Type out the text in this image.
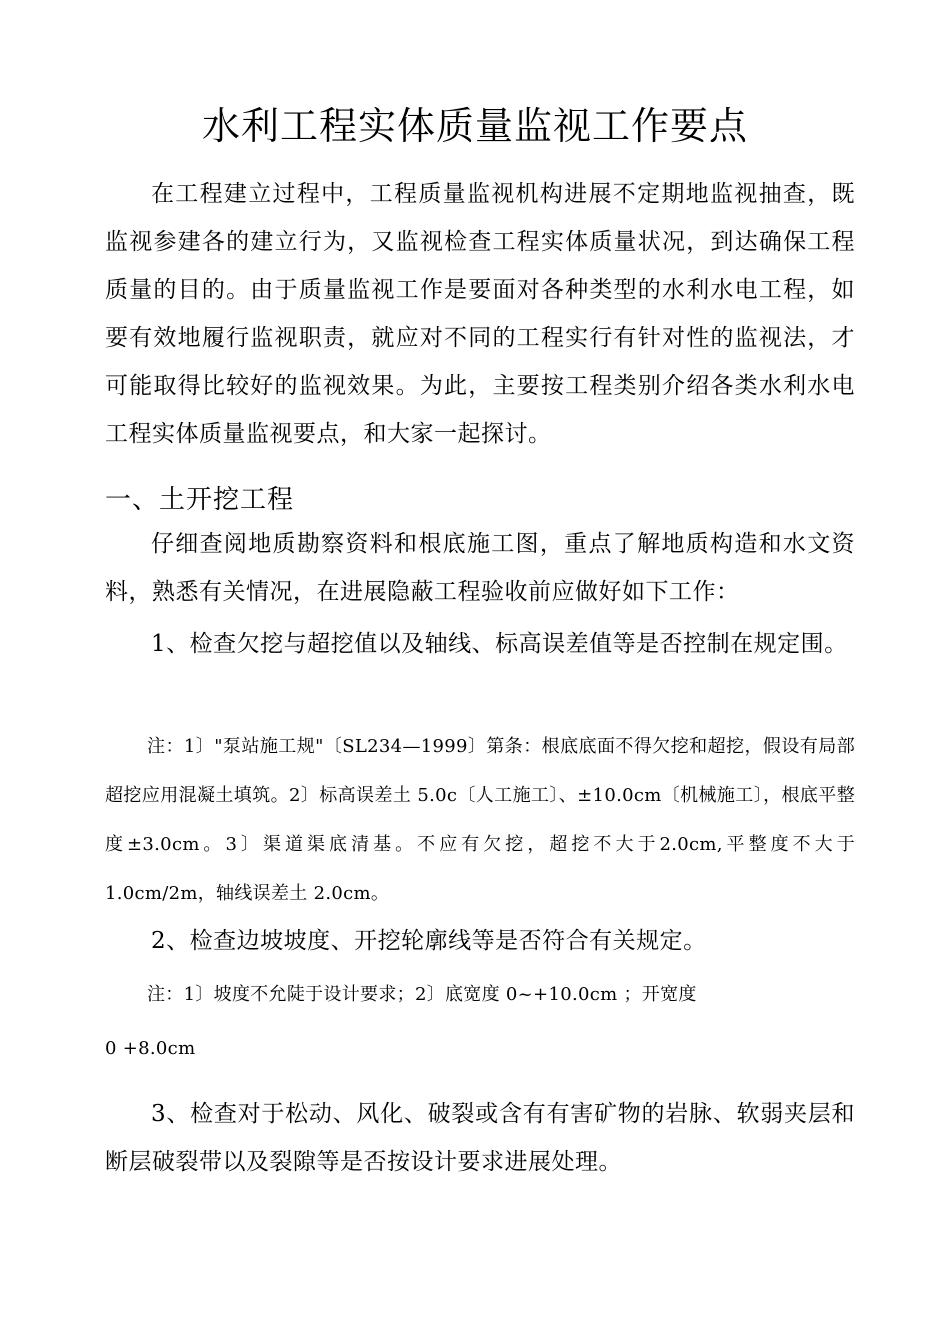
水利工程实体质量监视工作要点

在工程建立过程中，工程质量监视机构进展不定期地监视抽查，既监视参建各的建立行为，又监视检查工程实体质量状况，到达确保工程质量的目的。由于质量监视工作是要面对各种类型的水利水电工程，如要有效地履行监视职责，就应对不同的工程实行有针对性的监视法，才可能取得比较好的监视效果。为此，主要按工程类别介绍各类水利水电工程实体质量监视要点，和大家一起探讨。

一、土开挖工程

仔细查阅地质勘察资料和根底施工图，重点了解地质构造和水文资料，熟悉有关情况，在进展隐蔽工程验收前应做好如下工作：

1、检查欠挖与超挖值以及轴线、标高误差值等是否控制在规定围。

注：1〕"泵站施工规"〔SL234—1999〕第条：根底底面不得欠挖和超挖，假设有局部超挖应用混凝土填筑。2〕标高误差土 5.0c〔人工施工〕、±10.0cm〔机械施工〕，根底平整度±3.0cm。3〕渠道渠底清基。不应有欠挖，超挖不大于2.0cm,平整度不大于1.0cm/2m，轴线误差土 2.0cm。

2、检查边坡坡度、开挖轮廓线等是否符合有关规定。

注：1〕坡度不允陡于设计要求；2〕底宽度 0~+10.0cm ；开宽度

0 +8.0cm

3、检查对于松动、风化、破裂或含有有害矿物的岩脉、软弱夹层和断层破裂带以及裂隙等是否按设计要求进展处理。
